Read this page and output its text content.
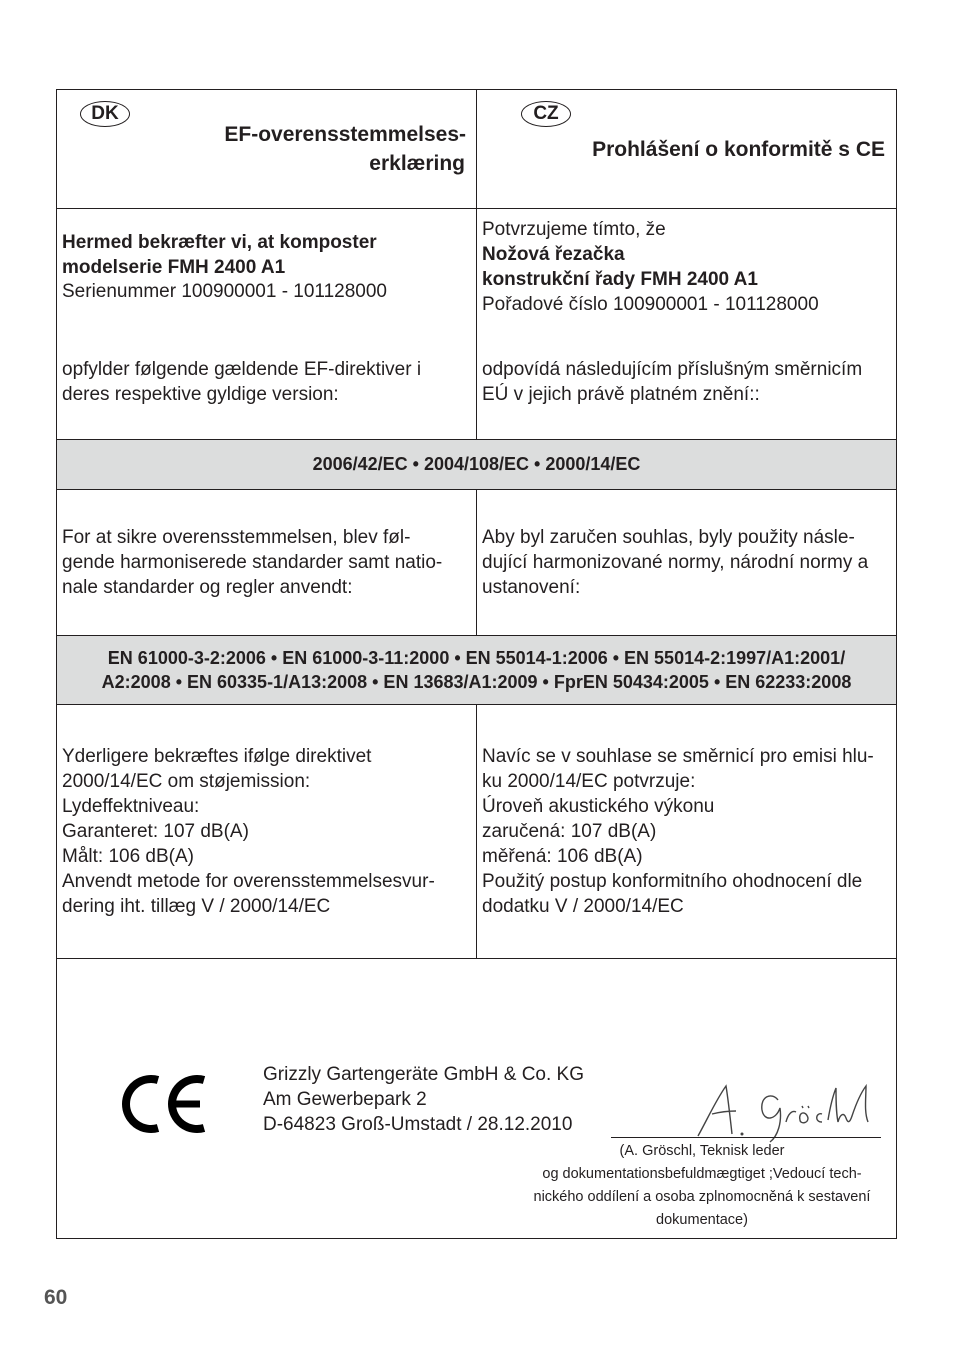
DK
EF-overensstemmelses-
erklæring
CZ
Prohlášení o konformitě s CE
Hermed bekræfter vi, at komposter
modelserie FMH 2400 A1
Serienummer 100900001 - 101128000
opfylder følgende gældende EF-direktiver i
deres respektive gyldige version:
Potvrzujeme tímto, že
Nožová řezačka
konstrukční řady FMH 2400 A1
Pořadové číslo 100900001 - 101128000
odpovídá následujícím příslušným směrnicím
EÚ v jejich právě platném znění::
2006/42/EC • 2004/108/EC • 2000/14/EC
For at sikre overensstemmelsen, blev føl-
gende harmoniserede standarder samt natio-
nale standarder og regler anvendt:
Aby byl zaručen souhlas, byly použity násle-
dující harmonizované normy, národní normy a
ustanovení:
EN 61000-3-2:2006 • EN 61000-3-11:2000 • EN 55014-1:2006 • EN 55014-2:1997/A1:2001/
A2:2008 • EN 60335-1/A13:2008 • EN 13683/A1:2009 • FprEN 50434:2005 • EN 62233:2008
Yderligere bekræftes ifølge direktivet
2000/14/EC om støjemission:
Lydeffektniveau:
Garanteret: 107 dB(A)
Målt: 106 dB(A)
Anvendt metode for overensstemmelsesvur-
dering iht. tillæg V / 2000/14/EC
Navíc se v souhlase se směrnicí pro emisi hlu-
ku 2000/14/EC potvrzuje:
Úroveň akustického výkonu
zaručená: 107 dB(A)
měřená: 106 dB(A)
Použitý postup konformitního ohodnocení dle
dodatku V / 2000/14/EC
Grizzly Gartengeräte GmbH & Co. KG
Am Gewerbepark 2
D-64823 Groß-Umstadt / 28.12.2010
(A. Gröschl, Teknisk leder
og dokumentationsbefuldmægtiget ;Vedoucí tech-
nického oddílení a osoba zplnomocněná k sestavení
dokumentace)
60
